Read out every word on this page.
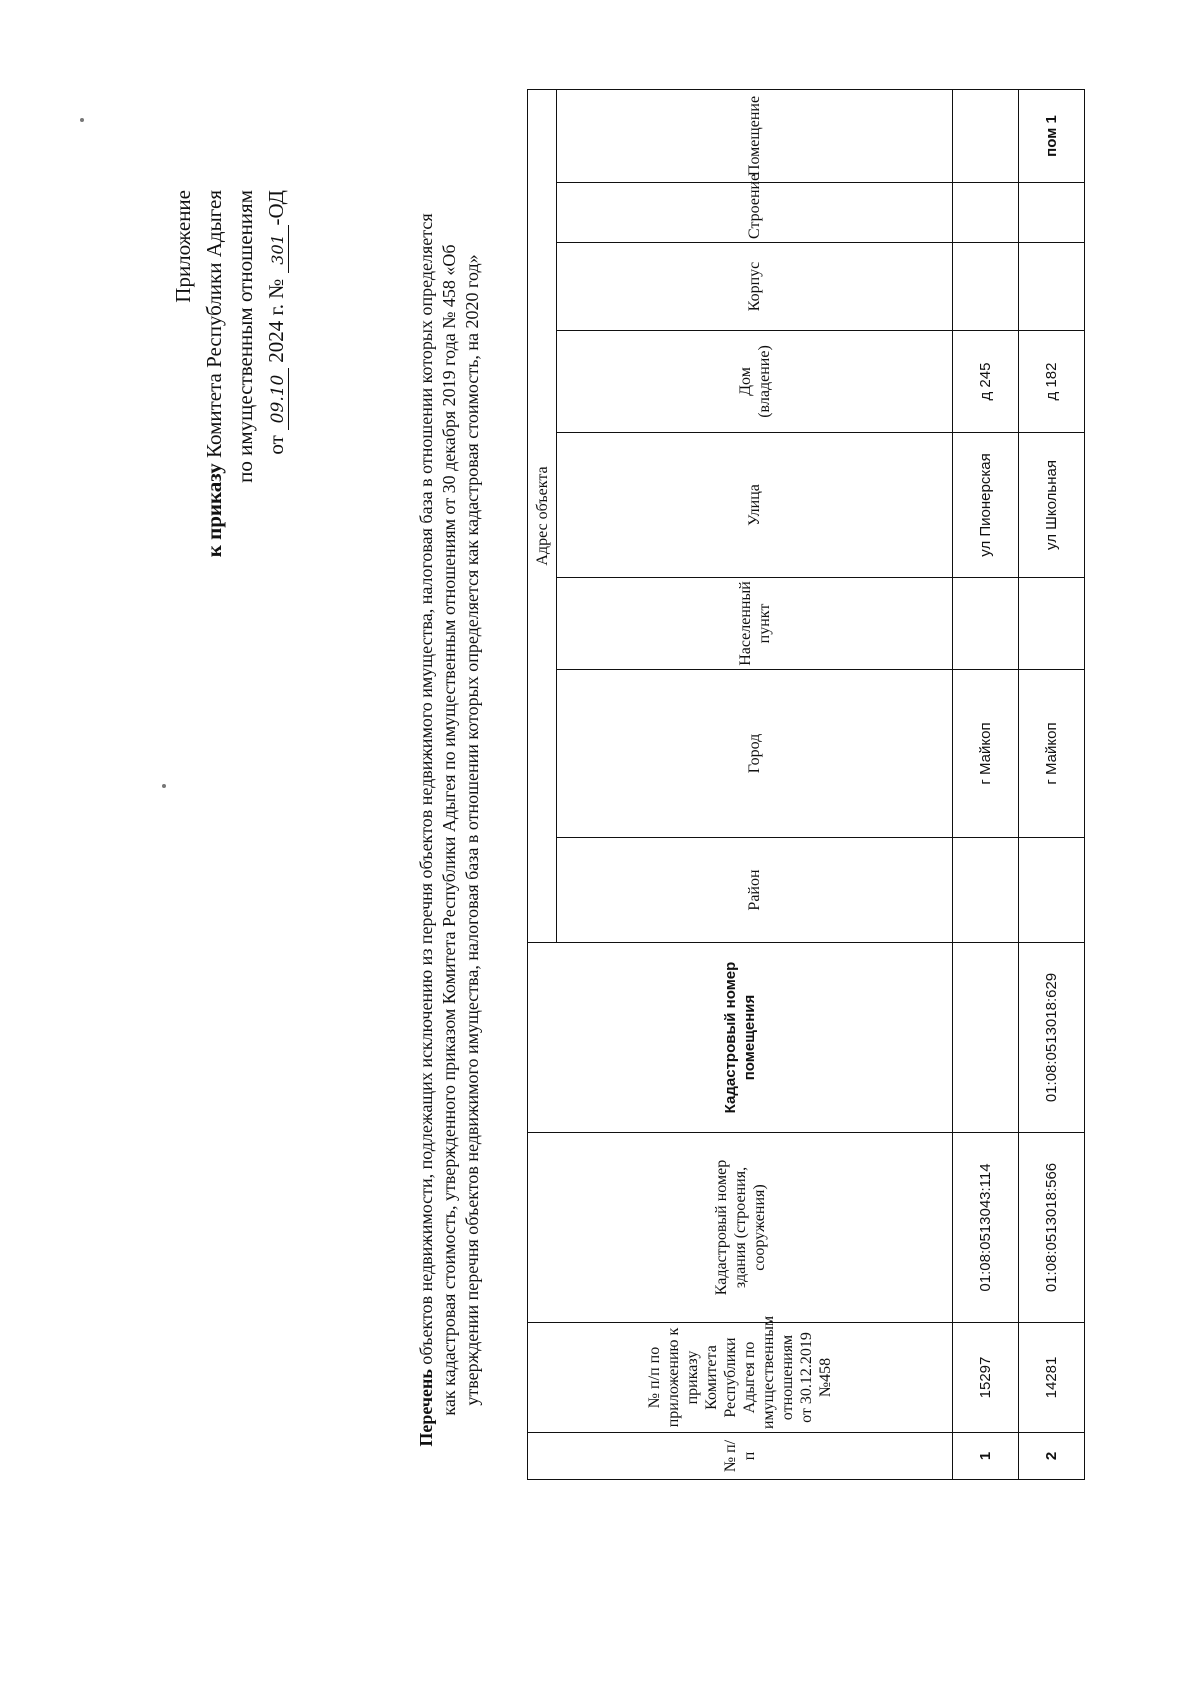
Приложение
к приказу Комитета Республики Адыгея по имущественным отношениям от 09.10 2024 г. № 301-ОД
Перечень объектов недвижимости, подлежащих исключению из перечня объектов недвижимого имущества, налоговая база в отношении которых определяется как кадастровая стоимость, утвержденного приказом Комитета Республики Адыгея по имущественным отношениям от 30 декабря 2019 года № 458 «Об утверждении перечня объектов недвижимого имущества, налоговая база в отношении которых определяется как кадастровая стоимость, на 2020 год»
№ п/п	№ п/п по приложению к приказу Комитета Республики Адыгея по имущественным отношениям от 30.12.2019 №458	Кадастровый номер здания (строения, сооружения)	Кадастровый номер помещения	Адрес объекта							
				Район	Город	Населенный пункт	Улица	Дом (владение)	Корпус	Строение	Помещение
1	15297	01:08:0513043:114			г Майкоп		ул Пионерская	д 245			
2	14281	01:08:0513018:566	01:08:0513018:629		г Майкоп		ул Школьная	д 182			пом 1
